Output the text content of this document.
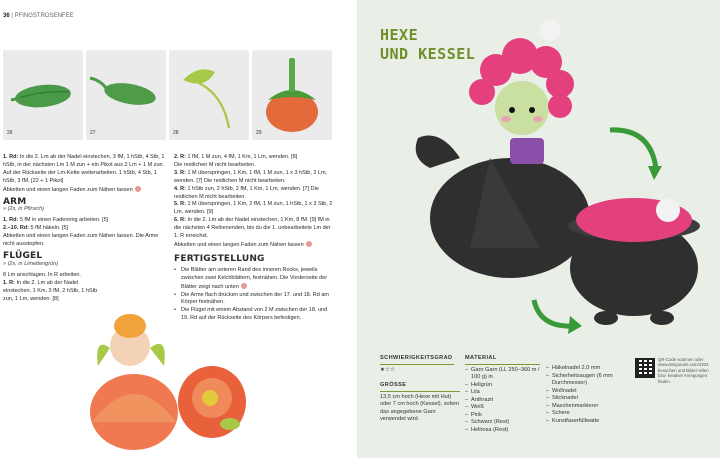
36 | PFINGSTROSENFEE
26	27	28	29

1. Rd: In die 2. Lm ab der Nadel einstechen, 3 fM, 1 hStb, 4 Stb, 1 hStb, in der nächsten Lm 1 M zun + ein Pikot aus 2 Lm + 1 M zun. Auf der Rückseite der Lm-Kette weiterarbeiten. 1 hStb, 4 Stb, 1 hStb, 3 fM. [22 + 1 Pikot]

Abketten und einen langen Faden zum Nähen lassen

ARM

» (2x, in Pfirsich)

1. Rd: 5 fM in einen Fadenring arbeiten. [5]

2.–10. Rd: 5 fM häkeln. [5]

Abketten und einen langen Faden zum Nähen lassen. Die Arme nicht ausstopfen.

FLÜGEL

» (2x, in Limettengrün)

8 Lm anschlagen. In R arbeiten.

1. R: In die 2. Lm ab der Nadel einstechen, 1 Km, 3 fM, 2 hStb, 1 hStb zun, 1 Lm, wenden. [8]

2. R: 1 fM, 1 M zun, 4 fM, 1 Km, 1 Lm, wenden. [8]

Die restlichen M nicht bearbeiten.

3. R: 1 M überspringen, 1 Km, 1 fM, 1 M zun, 1 x 3 hStb, 2 Lm, wenden. [7] Die restlichen M nicht bearbeiten.

4. R: 1 hStb zun, 2 hStb, 2 fM, 1 Km, 1 Lm, wenden. [7] Die restlichen M nicht bearbeiten.

5. R: 1 M überspringen, 1 Km, 2 fM, 1 M zun, 1 hStb, 1 x 3 Stb, 2 Lm, wenden. [9]

6. R: In die 2. Lm ab der Nadel einstechen, 1 Km, 8 fM. [9] fM in die nächsten 4 Reihenenden, bis du die 1. unbearbeitete Lm der 1. R erreichst.

Abketten und einen langen Faden zum Nähen lassen

FERTIGSTELLUNG

• Die Blätter am unteren Rand des inneren Rocks, jeweils zwischen zwei Kelchblättern, festnähen. Die Vorderseite der Blätter zeigt nach unten

• Die Arme flach drücken und zwischen der 17. und 18. Rd am Körper festnähen.

• Die Flügel mit einem Abstand von 2 M zwischen der 18. und 19. Rd auf der Rückseite des Körpers befestigen.

HEXE
UND KESSEL
SCHWIERIGKEITSGRAD
★☆☆
GRÖSSE
13,5 cm hoch (Hexe mit Hut) oder 7 cm hoch (Kessel), sofern das angegebene Garn verwendet wird.
MATERIAL
– Garn Garn (LL 250–360 m / 100 g) in
– Hellgrün
– Lila
– Anthrazit
– Weiß
– Pink
– Schwarz (Rest)
– Hellrosa (Rest)
– Häkelnadel 2,0 mm
– Sicherheitsaugen (6 mm Durchmesser)
– Wollnadel
– Sticknadel
– Maschenmarkierer
– Schere
– Kunstfaserfüllwatte
QR-Code scannen oder www.amigurumi.com/4303 besuchen und Bilder teilen bzw. kreative Anregungen finden.
